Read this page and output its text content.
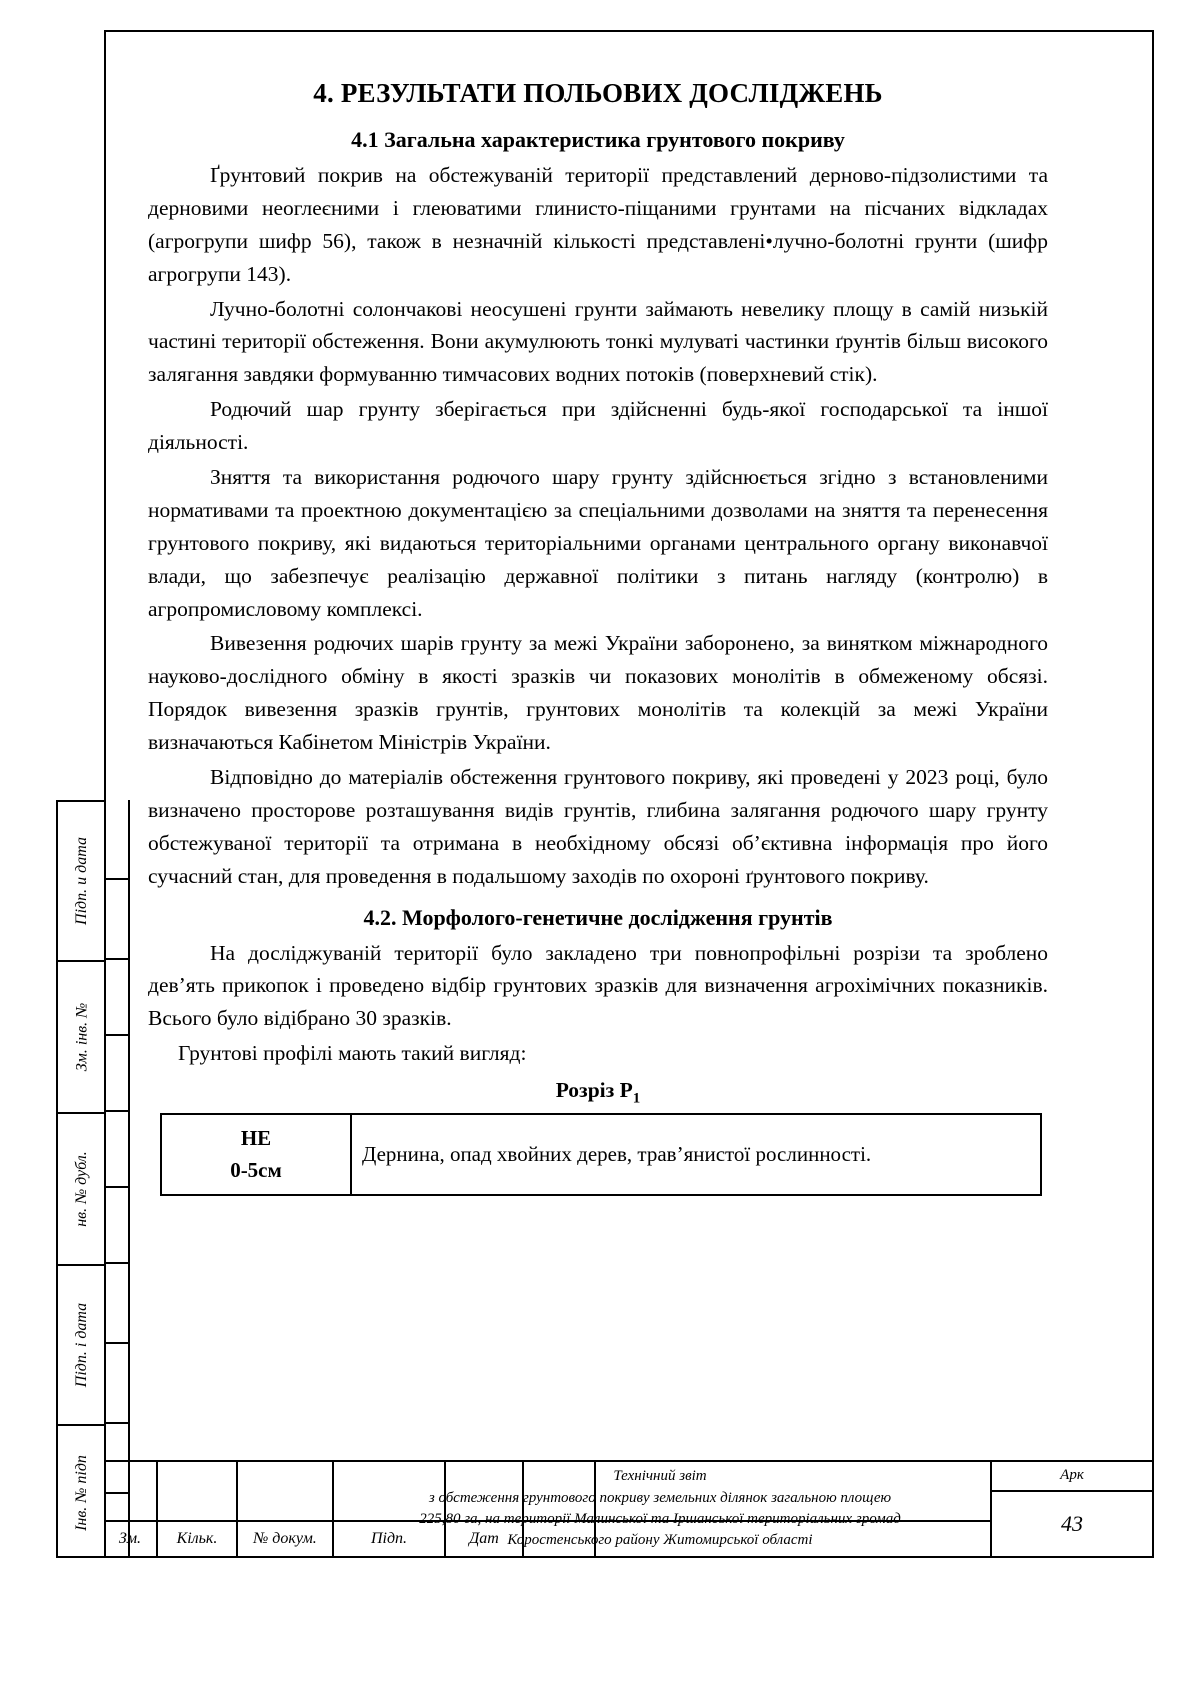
4. РЕЗУЛЬТАТИ ПОЛЬОВИХ ДОСЛІДЖЕНЬ
4.1 Загальна характеристика грунтового покриву

Ґрунтовий покрив на обстежуваній території представлений дерново-підзолистими та дерновими неоглеєними і глеюватими глинисто-піщаними грунтами на пісчаних відкладах (агрогрупи шифр 56), також в незначній кількості представлені•лучно-болотні грунти (шифр агрогрупи 143).

Лучно-болотні солончакові неосушені грунти займають невелику площу в самій низькій частині території обстеження. Вони акумулюють тонкі мулуваті частинки ґрунтів більш високого залягання завдяки формуванню тимчасових водних потоків (поверхневий стік).

Родючий шар грунту зберігається при здійсненні будь-якої господарської та іншої діяльності.

Зняття та використання родючого шару грунту здійснюється згідно з встановленими нормативами та проектною документацією за спеціальними дозволами на зняття та перенесення грунтового покриву, які видаються територіальними органами центрального органу виконавчої влади, що забезпечує реалізацію державної політики з питань нагляду (контролю) в агропромисловому комплексі.

Вивезення родючих шарів грунту за межі України заборонено, за винятком міжнародного науково-дослідного обміну в якості зразків чи показових монолітів в обмеженому обсязі. Порядок вивезення зразків грунтів, грунтових монолітів та колекцій за межі України визначаються Кабінетом Міністрів України.

Відповідно до матеріалів обстеження грунтового покриву, які проведені у 2023 році, було визначено просторове розташування видів грунтів, глибина залягання родючого шару грунту обстежуваної території та отримана в необхідному обсязі об’єктивна інформація про його сучасний стан, для проведення в подальшому заходів по охороні ґрунтового покриву.

4.2. Морфолого-генетичне дослідження грунтів

На досліджуваній території було закладено три повнопрофільні розрізи та зроблено дев’ять прикопок і проведено відбір грунтових зразків для визначення агрохімічних показників. Всього було відібрано 30 зразків.

Грунтові профілі мають такий вигляд:

Розріз $Р_1$
НЕ
0-5см
	Дернина, опад хвойних дерев, трав’янистої рослинності.
Підп. и дата
Зм. інв. №
нв. № дубл.
Підп. і дата
Інв. № підп	Технічний звіт
з обстеження грунтового покриву земельних ділянок загальною площею
225,80 га, на території Малинської та Іршанської територіальних громад
Коростенського району Житомирської області
Арк
43
Зм.	Кільк.	№ докум.	Підп.	Дат
